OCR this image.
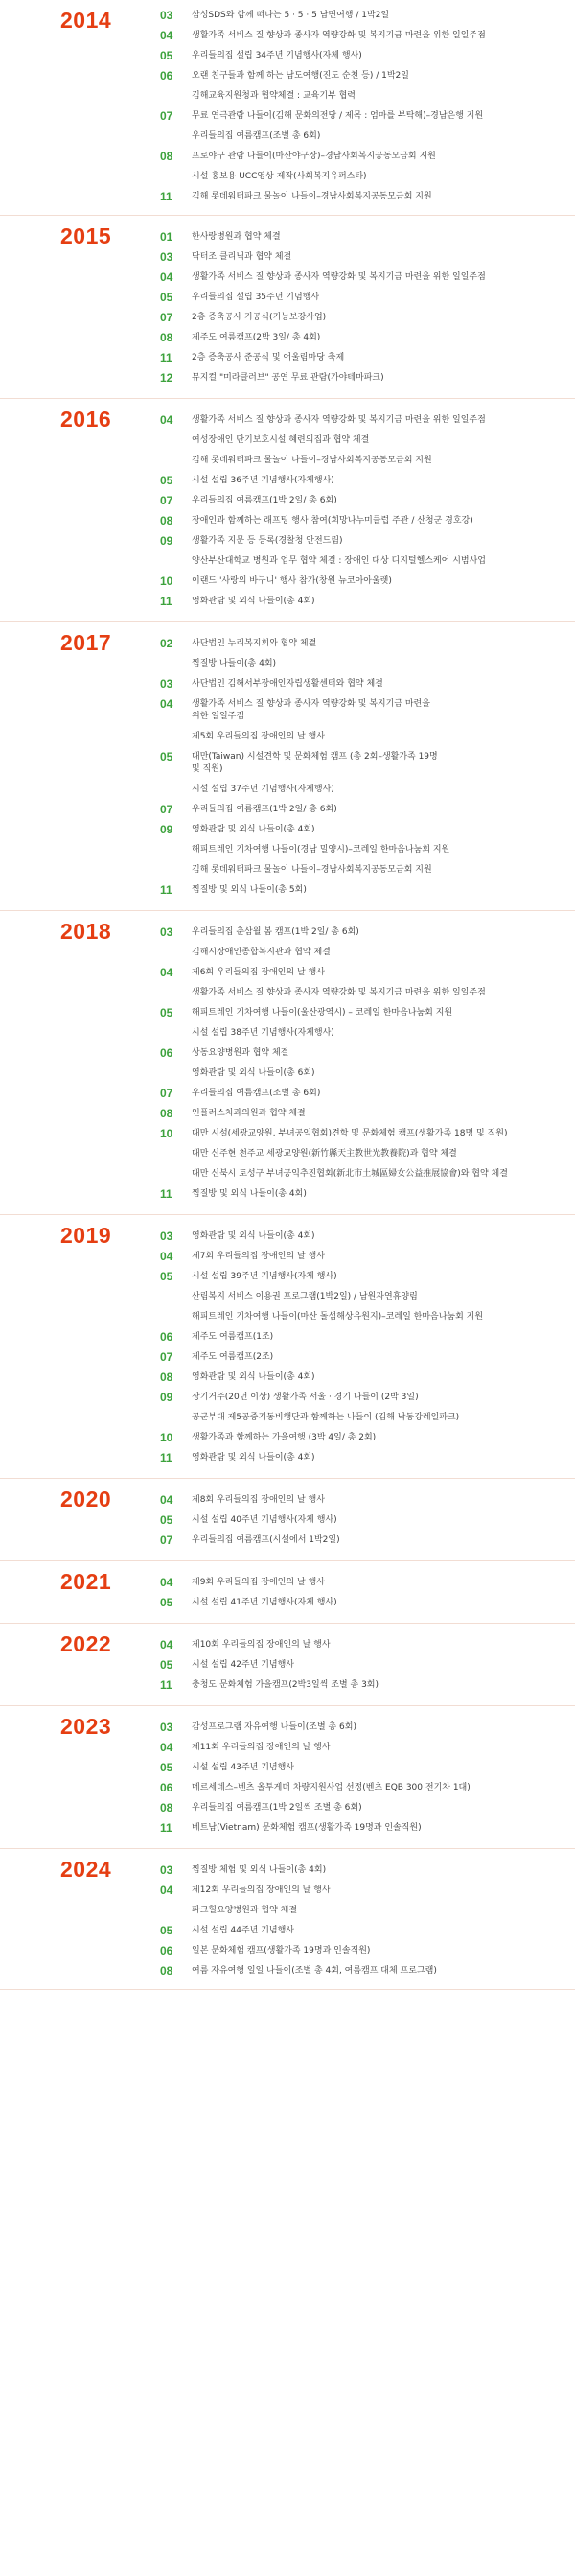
2014	03	삼성SDS와 함께 떠나는 5 · 5 · 5 남면여행 / 1박2일
04	생활가족 서비스 질 향상과 종사자 역량강화 및 복지기금 마련을 위한 일일주점
05	우리들의집 설립 34주년 기념행사(자체 행사)
06	오랜 친구들과 함께 하는 남도여행(진도 순천 등) / 1박2일
김해교육지원청과 협약체결 : 교육기부 협력
07	무료 연극관람 나들이(김해 문화의전당 / 제목 : 엄마를 부탁해)–경남은행 지원
우리들의집 여름캠프(조별 총 6회)
08	프로야구 관람 나들이(마산야구장)–경남사회복지공동모금회 지원
시설 홍보용 UCC영상 제작(사회복지유퍼스타)
11	김해 롯데워터파크 물놀이 나들이–경남사회복지공동모금회 지원
2015	01	한사랑병원과 협약 체결
03	닥터조 클리닉과 협약 체결
04	생활가족 서비스 질 향상과 종사자 역량강화 및 복지기금 마련을 위한 일일주점
05	우리들의집 설립 35주년 기념행사
07	2층 증축공사 기공식(기능보강사업)
08	제주도 여름캠프(2박 3일/ 총 4회)
11	2층 증축공사 준공식 및 어울림마당 축제
12	뮤지컬 "미라클러브" 공연 무료 관람(가야테마파크)
2016	04	생활가족 서비스 질 향상과 종사자 역량강화 및 복지기금 마련을 위한 일일주점
여성장애인 단기보호시설 혜련의집과 협약 체결
김해 롯데워터파크 물놀이 나들이–경남사회복지공동모금회 지원
05	시설 설립 36주년 기념행사(자체행사)
07	우리들의집 여름캠프(1박 2일/ 총 6회)
08	장애인과 함께하는 래프팅 행사 참여(희망나누미클럽 주관 / 산청군 경호강)
09	생활가족 지문 등 등록(경찰청 안전드림)
양산부산대학교 병원과 업무 협약 체결 : 장애인 대상 디지털헬스케어 시범사업
10	이랜드 '사랑의 바구니' 행사 참가(창원 뉴코아아울렛)
11	영화관람 및 외식 나들이(총 4회)
2017	02	사단법인 누리복지회와 협약 체결
찜질방 나들이(총 4회)
03	사단법인 김해서부장애인자립생활센터와 협약 체결
04	생활가족 서비스 질 향상과 종사자 역량강화 및 복지기금 마련을 위한 일일주점
제5회 우리들의집 장애인의 날 행사
05	대만(Taiwan) 시설견학 및 문화체험 캠프 (총 2회–생활가족 19명 및 직원)
시설 설립 37주년 기념행사(자체행사)
07	우리들의집 여름캠프(1박 2일/ 총 6회)
09	영화관람 및 외식 나들이(총 4회)
해피트레인 기차여행 나들이(경남 밀양시)–코레일 한마음나눔회 지원
김해 롯데워터파크 물놀이 나들이–경남사회복지공동모금회 지원
11	찜질방 및 외식 나들이(총 5회)
2018	03	우리들의집 춘삼월 봄 캠프(1박 2일/ 총 6회)
김해시장애인종합복지관과 협약 체결
04	제6회 우리들의집 장애인의 날 행사
생활가족 서비스 질 향상과 종사자 역량강화 및 복지기금 마련을 위한 일일주점
05	해피트레인 기차여행 나들이(울산광역시) – 코레일 한마음나눔회 지원
시설 설립 38주년 기념행사(자체행사)
06	상동요양병원과 협약 체결
영화관람 및 외식 나들이(총 6회)
07	우리들의집 여름캠프(조별 총 6회)
08	인플러스치과의원과 협약 체결
10	대만 시설(세광교양원, 부녀공익협회)견학 및 문화체험 캠프(생활가족 18명 및 직원)
대만 신주현 천주교 세광교양원(新竹縣天主教世光教養院)과 협약 체결
대만 신북시 토성구 부녀공익추진협회(新北市土城區婦女公益推展協會)와 협약 체결
11	찜질방 및 외식 나들이(총 4회)
2019	03	영화관람 및 외식 나들이(총 4회)
04	제7회 우리들의집 장애인의 날 행사
05	시설 설립 39주년 기념행사(자체 행사)
산림복지 서비스 이용권 프로그램(1박2일) / 남원자연휴양림
해피트레인 기차여행 나들이(마산 돌섬해상유원지)–코레일 한마음나눔회 지원
06	제주도 여름캠프(1조)
07	제주도 여름캠프(2조)
08	영화관람 및 외식 나들이(총 4회)
09	장기거주(20년 이상) 생활가족 서울 · 경기 나들이 (2박 3일)
공군부대 제5공중기동비행단과 함께하는 나들이 (김해 낙동강레일파크)
10	생활가족과 함께하는 가을여행 (3박 4일/ 총 2회)
11	영화관람 및 외식 나들이(총 4회)
2020	04	제8회 우리들의집 장애인의 날 행사
05	시설 설립 40주년 기념행사(자체 행사)
07	우리들의집 여름캠프(시설에서 1박2일)
2021	04	제9회 우리들의집 장애인의 날 행사
05	시설 설립 41주년 기념행사(자체 행사)
2022	04	제10회 우리들의집 장애인의 날 행사
05	시설 설립 42주년 기념행사
11	충청도 문화체험 가을캠프(2박3일씩 조별 총 3회)
2023	03	감성프로그램 자유여행 나들이(조별 총 6회)
04	제11회 우리들의집 장애인의 날 행사
05	시설 설립 43주년 기념행사
06	메르세데스–벤츠 올투게더 차량지원사업 선정(벤츠 EQB 300 전기차 1대)
08	우리들의집 여름캠프(1박 2일씩 조별 총 6회)
11	베트남(Vietnam) 문화체험 캠프(생활가족 19명과 인솔직원)
2024	03	찜질방 체험 및 외식 나들이(총 4회)
04	제12회 우리들의집 장애인의 날 행사
파크힐요양병원과 협약 체결
05	시설 설립 44주년 기념행사
06	일본 문화체험 캠프(생활가족 19명과 인솔직원)
08	여름 자유여행 일일 나들이(조별 총 4회, 여름캠프 대체 프로그램)
